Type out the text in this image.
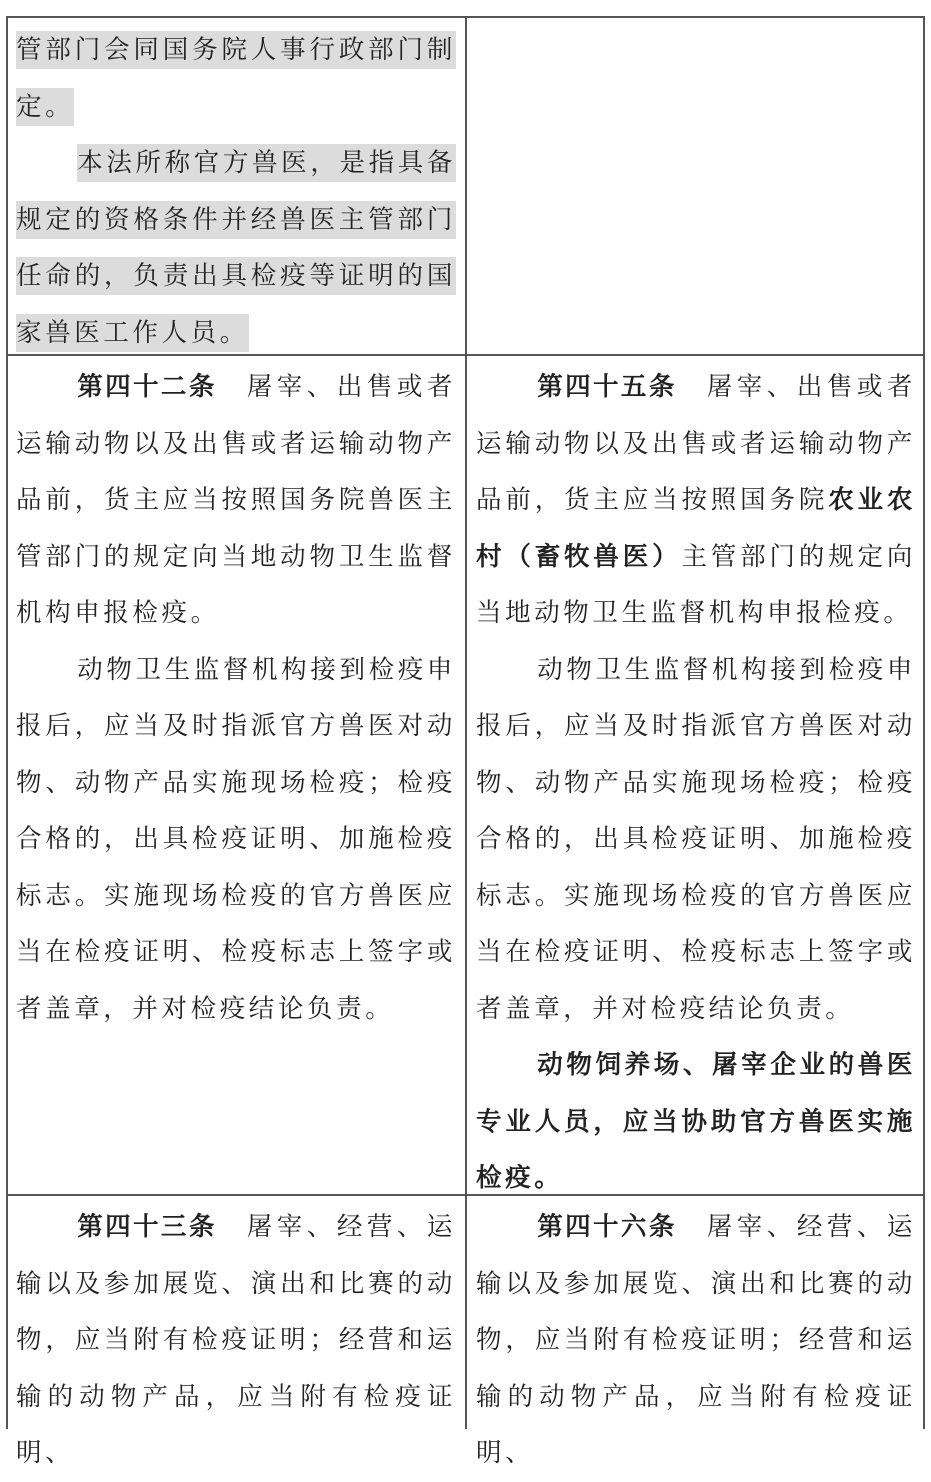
管部门会同国务院人事行政部门制定。

本法所称官方兽医，是指具备规定的资格条件并经兽医主管部门任命的，负责出具检疫等证明的国家兽医工作人员。

第四十二条　 屠宰、出售或者运输动物以及出售或者运输动物产品前，货主应当按照国务院兽医主管部门的规定向当地动物卫生监督机构申报检疫。

动物卫生监督机构接到检疫申报后，应当及时指派官方兽医对动物、动物产品实施现场检疫；检疫合格的，出具检疫证明、加施检疫标志。实施现场检疫的官方兽医应当在检疫证明、检疫标志上签字或者盖章，并对检疫结论负责。

第四十五条　 屠宰、出售或者运输动物以及出售或者运输动物产品前，货主应当按照国务院农业农村（畜牧兽医）主管部门的规定向当地动物卫生监督机构申报检疫。

动物卫生监督机构接到检疫申报后，应当及时指派官方兽医对动物、动物产品实施现场检疫；检疫合格的，出具检疫证明、加施检疫标志。实施现场检疫的官方兽医应当在检疫证明、检疫标志上签字或者盖章，并对检疫结论负责。

动物饲养场、屠宰企业的兽医专业人员，应当协助官方兽医实施检疫。

第四十三条　 屠宰、经营、运输以及参加展览、演出和比赛的动物，应当附有检疫证明；经营和运输的动物产品，应当附有检疫证明、

第四十六条　 屠宰、经营、运输以及参加展览、演出和比赛的动物，应当附有检疫证明；经营和运输的动物产品，应当附有检疫证明、
